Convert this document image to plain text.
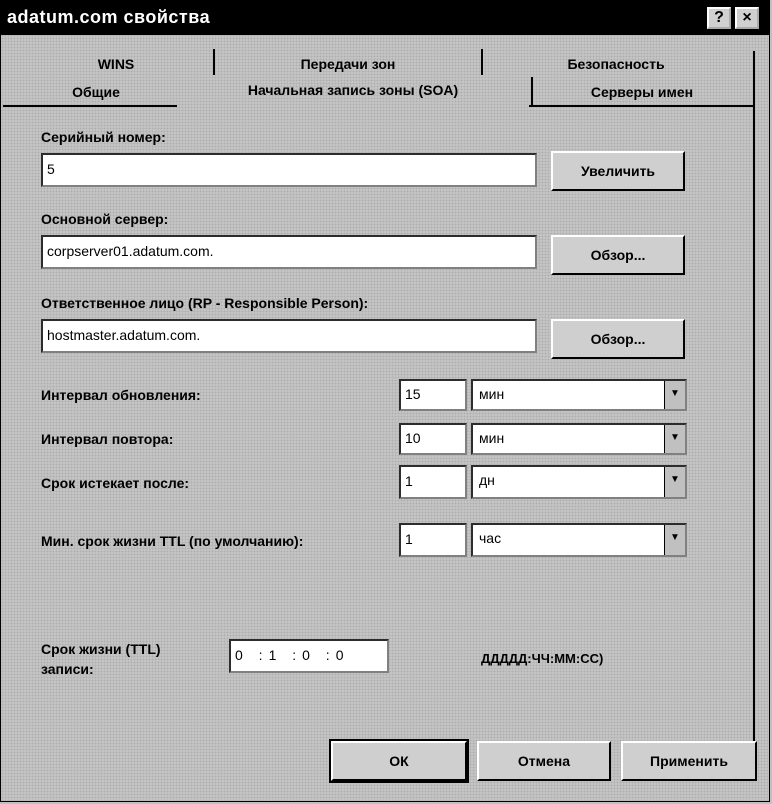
adatum.com свойства	?	×
WINS	Передачи зон	Безопасность
Общие	Начальная запись зоны (SOA)	Серверы имен
Серийный номер:
5	Увеличить
Основной сервер:
corpserver01.adatum.com.	Обзор...
Ответственное лицо (RP - Responsible Person):
hostmaster.adatum.com.	Обзор...
Интервал обновления:	15	мин	▼
Интервал повтора:	10	мин	▼
Срок истекает после:	1	дн	▼
Мин. срок жизни TTL (по умолчанию):	1	час	▼
Срок жизни (TTL)
записи:
0 :1 :0 :0	ДДДДД:ЧЧ:ММ:СС)
ОК	Отмена	Применить
